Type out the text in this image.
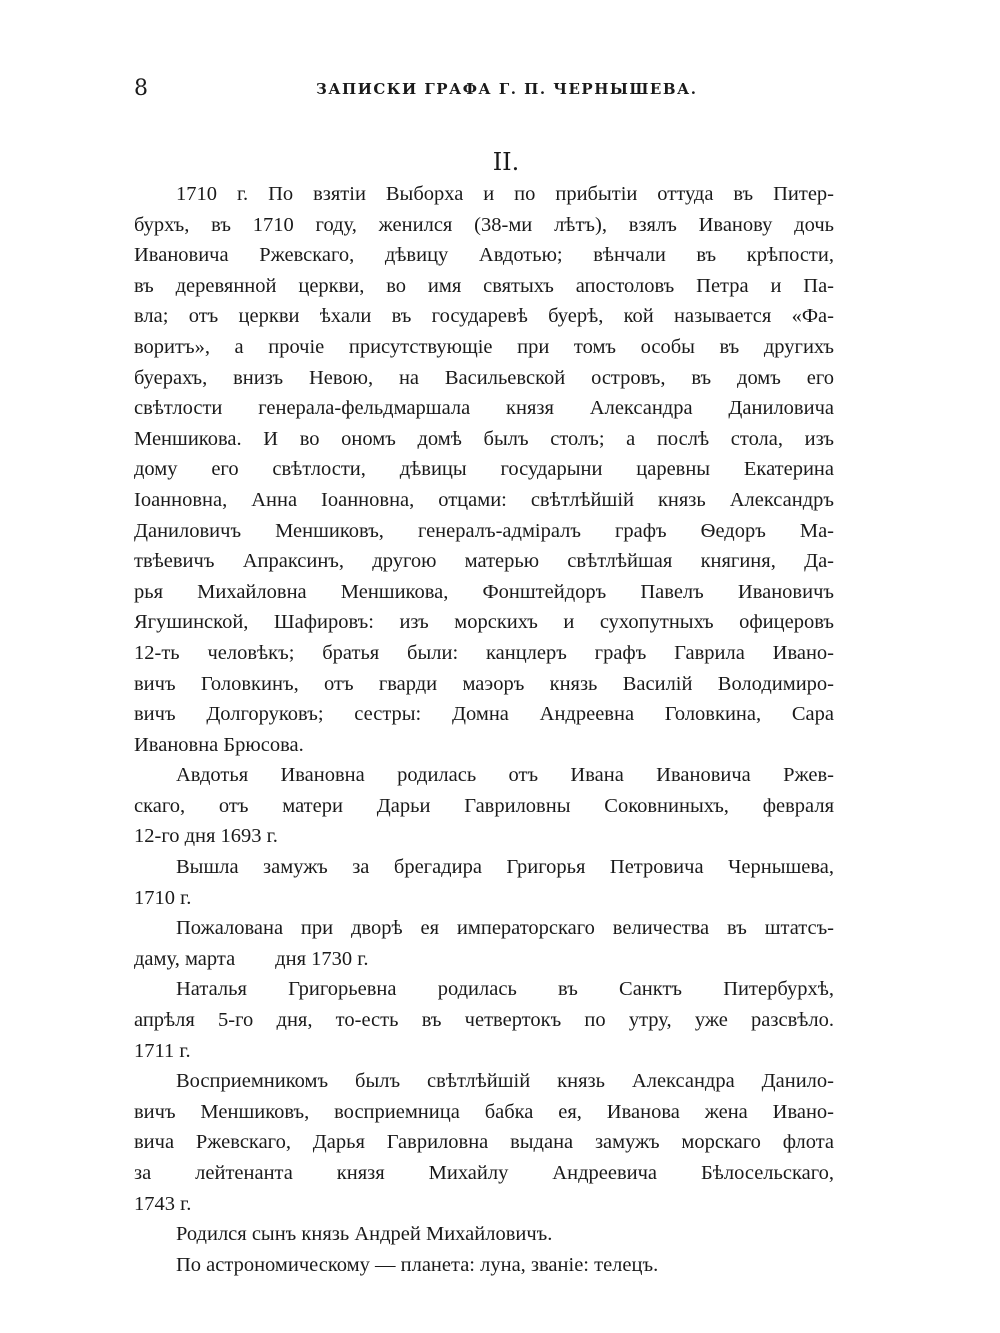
8	ЗАПИСКИ ГРАФА Г. П. ЧЕРНЫШЕВА.
II.
1710 г. По взятіи Выборха и по прибытіи оттуда въ Питер-
бурхъ, въ 1710 году, женился (38-ми лѣтъ), взялъ Иванову дочь
Ивановича Ржевскаго, дѣвицу Авдотью; вѣнчали въ крѣпости,
въ деревянной церкви, во имя святыхъ апостоловъ Петра и Па-
вла; отъ церкви ѣхали въ государевѣ буерѣ, кой называется «Фа-
воритъ», а прочіе присутствующіе при томъ особы въ другихъ
буерахъ, внизъ Невою, на Васильевской островъ, въ домъ его
свѣтлости генерала-фельдмаршала князя Александра Даниловича
Меншикова. И во ономъ домѣ былъ столъ; а послѣ стола, изъ
дому его свѣтлости, дѣвицы государыни царевны Екатерина
Іоанновна, Анна Іоанновна, отцами: свѣтлѣйшій князь Александръ
Даниловичъ Меншиковъ, генералъ-адміралъ графъ Ѳедоръ Ма-
твѣевичъ Апраксинъ, другою матерью свѣтлѣйшая княгиня, Да-
рья Михайловна Меншикова, Фонштейдоръ Павелъ Ивановичъ
Ягушинской, Шафировъ: изъ морскихъ и сухопутныхъ офицеровъ
12-ть человѣкъ; братья были: канцлеръ графъ Гаврила Ивано-
вичъ Головкинъ, отъ гварди маэоръ князь Василій Володимиро-
вичъ Долгоруковъ; сестры: Домна Андреевна Головкина, Сара
Ивановна Брюсова.
Авдотья Ивановна родилась отъ Ивана Ивановича Ржев-
скаго, отъ матери Дарьи Гавриловны Соковниныхъ, февраля
12-го дня 1693 г.
Вышла замужъ за брегадира Григорья Петровича Чернышева,
1710 г.
Пожалована при дворѣ ея императорскаго величества въ штатсъ-
даму, марта дня 1730 г.
Наталья Григорьевна родилась въ Санктъ Питербурхѣ,
апрѣля 5-го дня, то-есть въ четвертокъ по утру, уже разсвѣло.
1711 г.
Восприемникомъ былъ свѣтлѣйшій князь Александра Данило-
вичъ Меншиковъ, восприемница бабка ея, Иванова жена Ивано-
вича Ржевскаго, Дарья Гавриловна выдана замужъ морскаго флота
за лейтенанта князя Михайлу Андреевича Бѣлосельскаго,
1743 г.
Родился сынъ князь Андрей Михайловичъ.
По астрономическому — планета: луна, званіе: телецъ.
